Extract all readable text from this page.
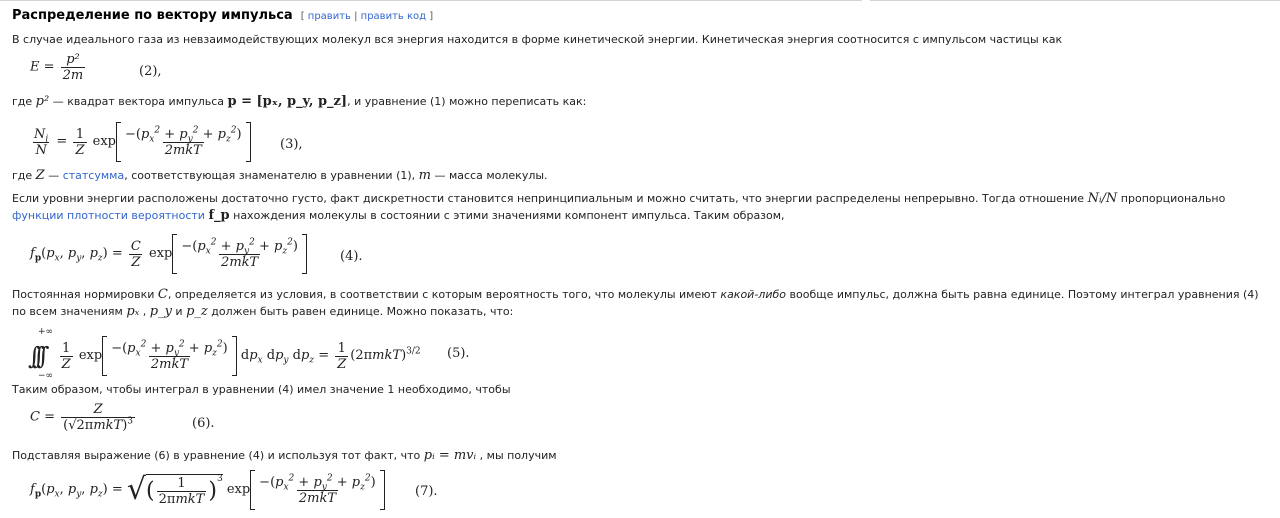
Распределение по вектору импульса [ править | править код ]

В случае идеального газа из невзаимодействующих молекул вся энергия находится в форме кинетической энергии. Кинетическая энергия соотносится с импульсом частицы как

$E = \frac{\text{p²}}{2m}$	(2),

где p² — квадрат вектора импульса p = [pₓ, p_y, p_z], и уравнение (1) можно переписать как:

$\frac{N_i}{N} = \frac{1}{Z}$ $\exp \frac{-(p_x^2 + p_y^2 + p_z^2)}{\text{2mkT}}$	(3),

где Z — статсумма, соответствующая знаменателю в уравнении (1), m — масса молекулы.

Если уровни энергии расположены достаточно густо, факт дискретности становится непринципиальным и можно считать, что энергии распределены непрерывно. Тогда отношение Nᵢ/N пропорционально функции плотности вероятности f_p нахождения молекулы в состоянии с этими значениями компонент импульса. Таким образом,

$f_p(p_x$, $p_y$, $p_z) = \frac{C}{Z}$ $\exp \frac{-(p_x^2 + p_y^2 + p_z^2)}{\text{2mkT}}$	(4).

Постоянная нормировки C, определяется из условия, в соответствии с которым вероятность того, что молекулы имеют какой-либо вообще импульс, должна быть равна единице. Поэтому интеграл уравнения (4) по всем значениям pₓ , p_y и p_z должен быть равен единице. Можно показать, что:

+∞
−∞
∫∫∫ $\frac{1}{Z}$ $\exp \frac{-(p_x^2 + p_y^2 + p_z^2)}{\text{2mkT}} dp_x$ $dp_y$ $dp_z = \frac{1}{Z} (2\pi mkT)^{3/2}$ (5).

Таким образом, чтобы интеграл в уравнении (4) имел значение 1 необходимо, чтобы

$C = \frac{Z}{(√2\pi mkT)^3}$	(6).

Подставляя выражение (6) в уравнение (4) и используя тот факт, что pᵢ = mvᵢ , мы получим

$f_p(p_x$, $p_y$, $p_z$) = √( $\frac{1}{\text{2πmkT}} )^3$ $\exp \frac{-(p_x^2 + p_y^2 + p_z^2)}{\text{2mkT}}$	(7).
